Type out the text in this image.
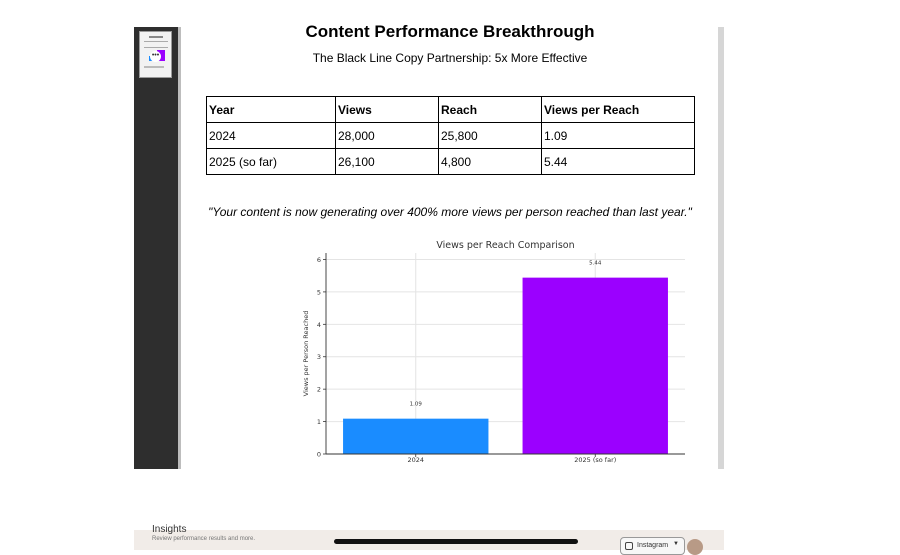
•••
Content Performance Breakthrough
The Black Line Copy Partnership: 5x More Effective
Year	Views	Reach	Views per Reach
2024	28,000	25,800	1.09
2025 (so far)	26,100	4,800	5.44
"Your content is now generating over 400% more views per person reached than last year."
Views per Reach Comparison
0
1
2
3
4
5
6
1.09
2024
5.44
2025 (so far)
Views per Person Reached
Insights
Review performance results and more.
Instagram ▼
